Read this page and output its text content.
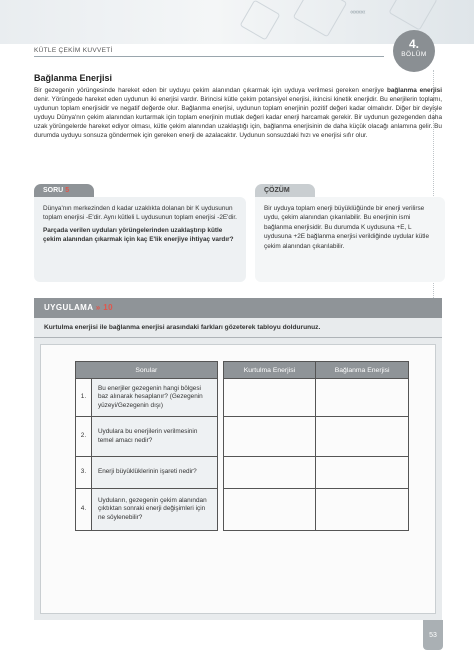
«««««
KÜTLE ÇEKİM KUVVETİ	4.
BÖLÜM
Bağlanma Enerjisi
Bir gezegenin yörüngesinde hareket eden bir uyduyu çekim alanından çıkarmak için uyduya verilmesi gereken enerjiye bağlanma enerjisi denir. Yörüngede hareket eden uydunun iki enerjisi vardır. Birincisi kütle çekim potansiyel enerjisi, ikincisi kinetik enerjidir. Bu enerjilerin toplamı, uydunun toplam enerjisidir ve negatif değerde olur. Bağlanma enerjisi, uydunun toplam enerjinin pozitif değeri kadar olmalıdır. Diğer bir deyişle uyduyu Dünya'nın çekim alanından kurtarmak için toplam enerjinin mutlak değeri kadar enerji harcamak gerekir. Bir uydunun gezegenden daha uzak yörüngelerde hareket ediyor olması, kütle çekim alanından uzaklaştığı için, bağlanma enerjisinin de daha küçük olacağı anlamına gelir. Bu durumda uyduyu sonsuza göndermek için gereken enerji de azalacaktır. Uydunun sonsuzdaki hızı ve enerjisi sıfır olur.
SORU 5
Dünya'nın merkezinden d kadar uzaklıkta dolanan bir K uydusunun toplam enerjisi -E'dir. Aynı kütleli L uydusunun toplam enerjisi -2E'dir.
Parçada verilen uyduları yörüngelerinden uzaklaştırıp kütle çekim alanından çıkarmak için kaç E'lik enerjiye ihtiyaç vardır?
ÇÖZÜM
Bir uyduya toplam enerji büyüklüğünde bir enerji verilirse uydu, çekim alanından çıkarılabilir. Bu enerjinin ismi bağlanma enerjisidir. Bu durumda K uydusuna +E, L uydusuna +2E bağlanma enerjisi verildiğinde uydular kütle çekim alanından çıkarılabilir.
UYGULAMA » 10
Kurtulma enerjisi ile bağlanma enerjisi arasındaki farkları gözeterek tabloyu doldurunuz.
Sorular			Kurtulma Enerjisi	Bağlanma Enerjisi
1.	Bu enerjiler gezegenin hangi bölgesi baz alınarak hesaplanır? (Gezegenin yüzeyi/Gezegenin dışı)			
2.	Uydulara bu enerjilerin verilmesinin temel amacı nedir?			
3.	Enerji büyüklüklerinin işareti nedir?			
4.	Uyduların, gezegenin çekim alanından çıktıktan sonraki enerji değişimleri için ne söylenebilir?			
53
